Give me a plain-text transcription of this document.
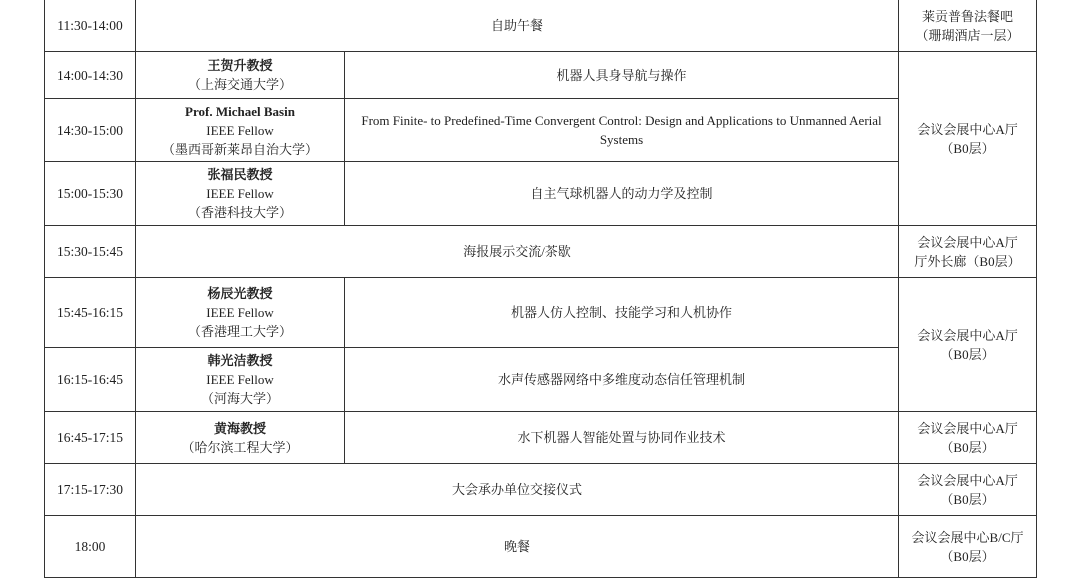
11:30-14:00	自助午餐		莱贡普鲁法餐吧
（珊瑚酒店一层）

14:00-14:30	王贺升教授
（上海交通大学）	机器人具身导航与操作	会议会展中心A厅
（B0层）

14:30-15:00	Prof. Michael Basin
IEEE Fellow
（墨西哥新莱昂自治大学）	From Finite- to Predefined-Time Convergent Control: Design and Applications to Unmanned Aerial Systems	
15:00-15:30	张福民教授
IEEE Fellow
（香港科技大学）	自主气球机器人的动力学及控制	
15:30-15:45	海报展示交流/茶歇		会议会展中心A厅
厅外长廊（B0层）

15:45-16:15	杨辰光教授
IEEE Fellow
（香港理工大学）	机器人仿人控制、技能学习和人机协作	会议会展中心A厅
（B0层）

16:15-16:45	韩光洁教授
IEEE Fellow
（河海大学）	水声传感器网络中多维度动态信任管理机制	
16:45-17:15	黄海教授
（哈尔滨工程大学）	水下机器人智能处置与协同作业技术	会议会展中心A厅
（B0层）

17:15-17:30	大会承办单位交接仪式		会议会展中心A厅
（B0层）

18:00	晚餐		会议会展中心B/C厅
（B0层）
